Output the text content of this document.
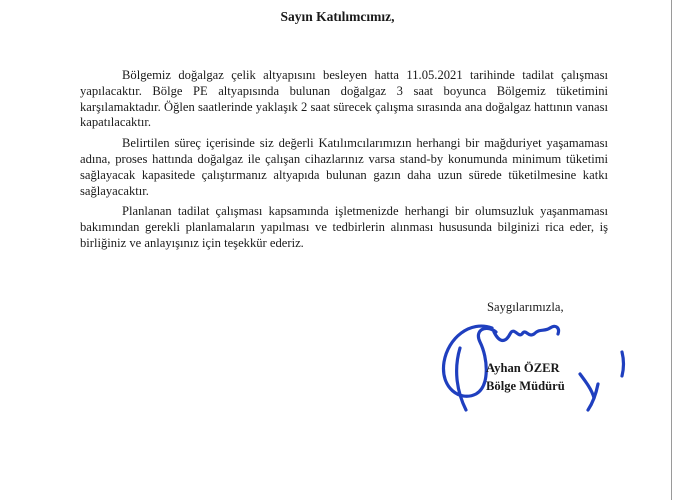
Sayın Katılımcımız,

Bölgemiz doğalgaz çelik altyapısını besleyen hatta 11.05.2021 tarihinde tadilat çalışması yapılacaktır. Bölge PE altyapısında bulunan doğalgaz 3 saat boyunca Bölgemiz tüketimini karşılamaktadır. Öğlen saatlerinde yaklaşık 2 saat sürecek çalışma sırasında ana doğalgaz hattının vanası kapatılacaktır.

Belirtilen süreç içerisinde siz değerli Katılımcılarımızın herhangi bir mağduriyet yaşamaması adına, proses hattında doğalgaz ile çalışan cihazlarınız varsa stand-by konumunda minimum tüketimi sağlayacak kapasitede çalıştırmanız altyapıda bulunan gazın daha uzun sürede tüketilmesine katkı sağlayacaktır.

Planlanan tadilat çalışması kapsamında işletmenizde herhangi bir olumsuzluk yaşanmaması bakımından gerekli planlamaların yapılması ve tedbirlerin alınması hususunda bilginizi rica eder, iş birliğiniz ve anlayışınız için teşekkür ederiz.

Saygılarımızla,
Ayhan ÖZER
Bölge Müdürü
